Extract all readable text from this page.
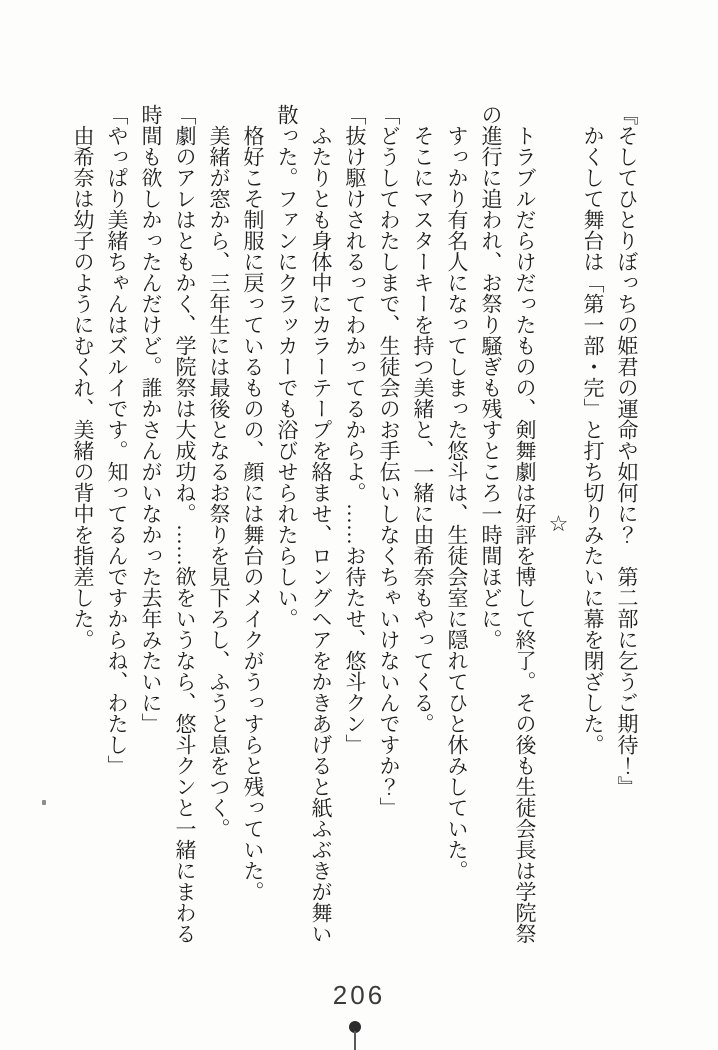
『そしてひとりぼっちの姫君の運命や如何に？　第二部に乞うご期待！』

かくして舞台は「第一部・完」と打ち切りみたいに幕を閉ざした。

☆

トラブルだらけだったものの、剣舞劇は好評を博して終了。その後も生徒会長は学院祭の進行に追われ、お祭り騒ぎも残すところ一時間ほどに。

すっかり有名人になってしまった悠斗は、生徒会室に隠れてひと休みしていた。

そこにマスターキーを持つ美緒と、一緒に由希奈もやってくる。

「どうしてわたしまで、生徒会のお手伝いしなくちゃいけないんですか？」

「抜け駆けされるってわかってるからよ。……お待たせ、悠斗クン」

ふたりとも身体中にカラーテープを絡ませ、ロングヘアをかきあげると紙ふぶきが舞い散った。ファンにクラッカーでも浴びせられたらしい。

格好こそ制服に戻っているものの、顔には舞台のメイクがうっすらと残っていた。

美緒が窓から、三年生には最後となるお祭りを見下ろし、ふうと息をつく。

「劇のアレはともかく、学院祭は大成功ね。……欲をいうなら、悠斗クンと一緒にまわる時間も欲しかったんだけど。誰かさんがいなかった去年みたいに」

「やっぱり美緒ちゃんはズルイです。知ってるんですからね、わたし」

由希奈は幼子のようにむくれ、美緒の背中を指差した。

206
